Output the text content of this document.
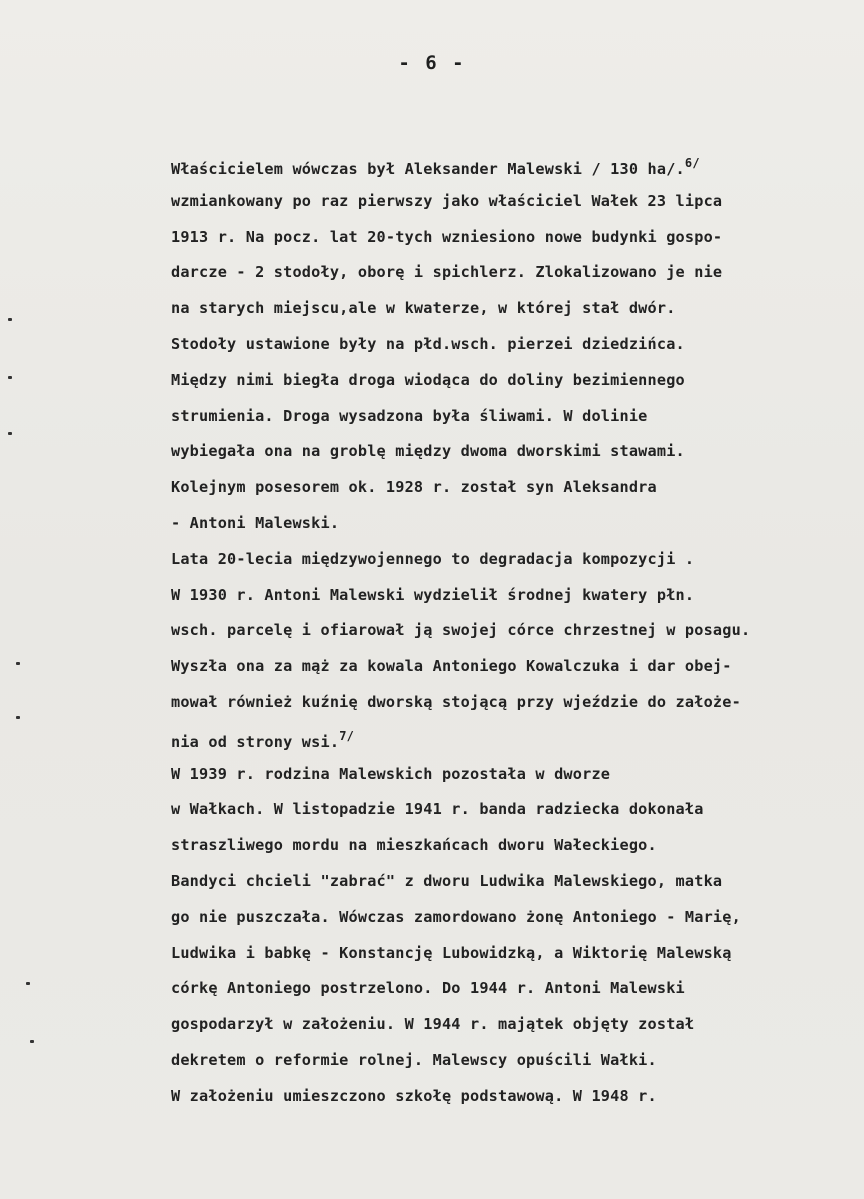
- 6 -
Właścicielem wówczas był Aleksander Malewski / 130 ha/.$^{6/}$
wzmiankowany po raz pierwszy jako właściciel Wałek 23 lipca
1913 r. Na pocz. lat 20-tych wzniesiono nowe budynki gospo-
darcze - 2 stodoły, oborę i spichlerz. Zlokalizowano je nie
na starych miejscu,ale w kwaterze, w której stał dwór.
Stodoły ustawione były na płd.wsch. pierzei dziedzińca.
Między nimi biegła droga wiodąca do doliny bezimiennego
strumienia. Droga wysadzona była śliwami. W dolinie
wybiegała ona na groblę między dwoma dworskimi stawami.
Kolejnym posesorem ok. 1928 r. został syn Aleksandra
- Antoni Malewski.
Lata 20-lecia międzywojennego to degradacja kompozycji .
W 1930 r. Antoni Malewski wydzielił środnej kwatery płn.
wsch. parcelę i ofiarował ją swojej córce chrzestnej w posagu.
Wyszła ona za mąż za kowala Antoniego Kowalczuka i dar obej-
mował również kuźnię dworską stojącą przy wjeździe do założe-
nia od strony wsi.$^{7/}$
W 1939 r. rodzina Malewskich pozostała w dworze
w Wałkach. W listopadzie 1941 r. banda radziecka dokonała
straszliwego mordu na mieszkańcach dworu Wałeckiego.
Bandyci chcieli "zabrać" z dworu Ludwika Malewskiego, matka
go nie puszczała. Wówczas zamordowano żonę Antoniego - Marię,
Ludwika i babkę - Konstancję Lubowidzką, a Wiktorię Malewską
córkę Antoniego postrzelono. Do 1944 r. Antoni Malewski
gospodarzył w założeniu. W 1944 r. majątek objęty został
dekretem o reformie rolnej. Malewscy opuścili Wałki.
W założeniu umieszczono szkołę podstawową. W 1948 r.
